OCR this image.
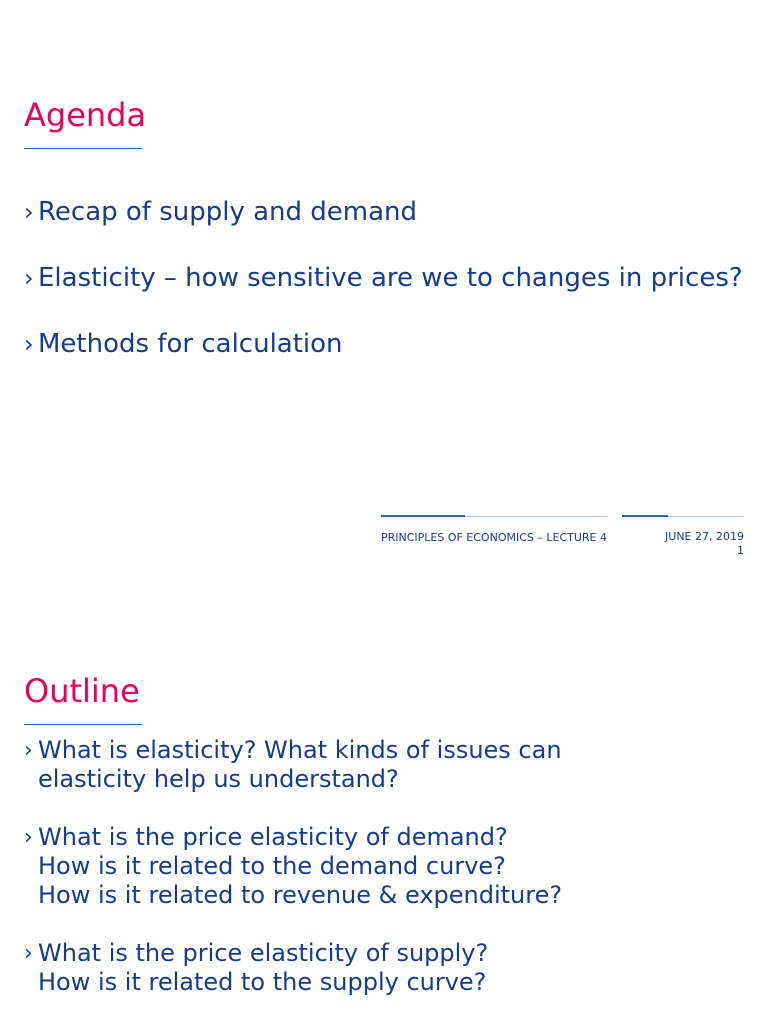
Agenda
› Recap of supply and demand
› Elasticity – how sensitive are we to changes in prices?
› Methods for calculation
PRINCIPLES OF ECONOMICS – LECTURE 4	JUNE 27, 2019
1
Outline
› What is elasticity? What kinds of issues can
elasticity help us understand?
› What is the price elasticity of demand?
How is it related to the demand curve?
How is it related to revenue & expenditure?
› What is the price elasticity of supply?
How is it related to the supply curve?
